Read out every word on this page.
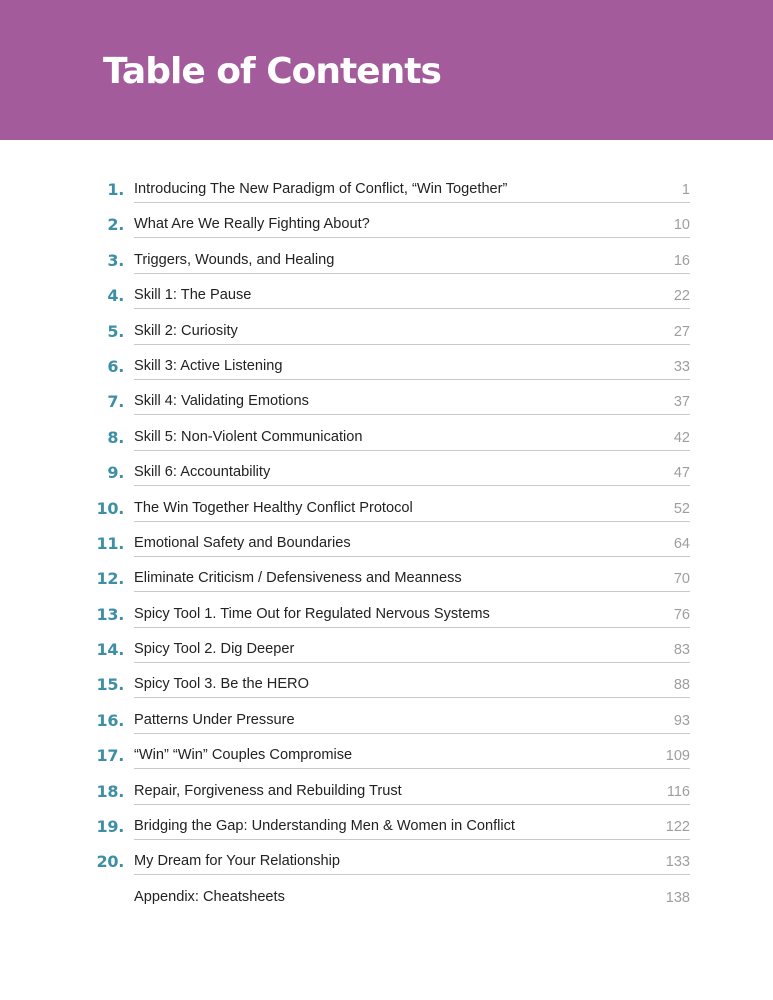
Table of Contents
1. Introducing The New Paradigm of Conflict, “Win Together”	1
2. What Are We Really Fighting About?	10
3. Triggers, Wounds, and Healing	16
4. Skill 1: The Pause	22
5. Skill 2: Curiosity	27
6. Skill 3: Active Listening	33
7. Skill 4: Validating Emotions	37
8. Skill 5: Non-Violent Communication	42
9. Skill 6: Accountability	47
10. The Win Together Healthy Conflict Protocol	52
11. Emotional Safety and Boundaries	64
12. Eliminate Criticism / Defensiveness and Meanness	70
13. Spicy Tool 1. Time Out for Regulated Nervous Systems	76
14. Spicy Tool 2. Dig Deeper	83
15. Spicy Tool 3. Be the HERO	88
16. Patterns Under Pressure	93
17. “Win” “Win” Couples Compromise	109
18. Repair, Forgiveness and Rebuilding Trust	116
19. Bridging the Gap: Understanding Men & Women in Conflict	122
20. My Dream for Your Relationship	133
Appendix: Cheatsheets	138
